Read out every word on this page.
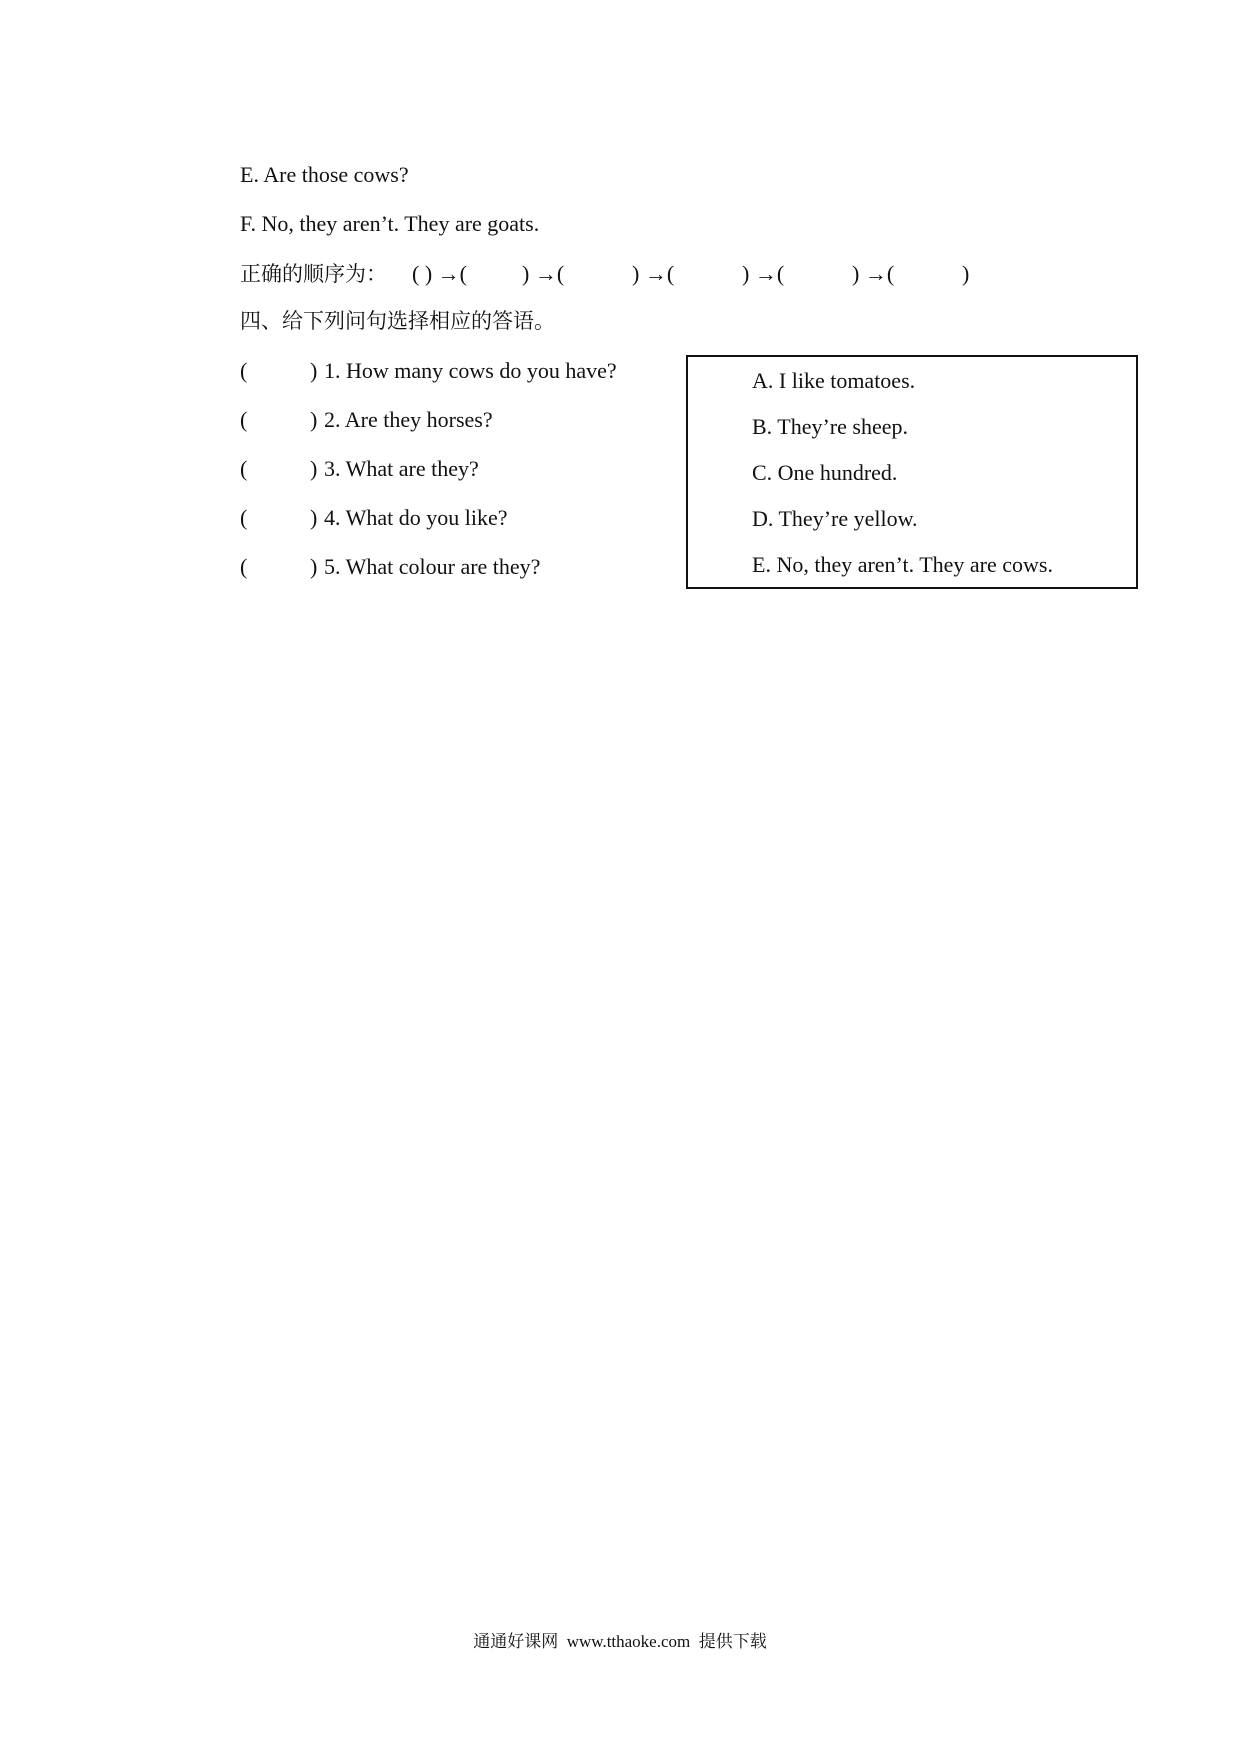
E. Are those cows?
F. No, they aren’t. They are goats.
正确的顺序为： ( ) →(	) →(	) →(	) →(	) →(	)
四、给下列问句选择相应的答语。
(	) 1. How many cows do you have?
(	) 2. Are they horses?
(	) 3. What are they?
(	) 4. What do you like?
(	) 5. What colour are they?
A. I like tomatoes.
B. They’re sheep.
C. One hundred.
D. They’re yellow.
E. No, they aren’t. They are cows.
通通好课网 www.tthaoke.com 提供下载
